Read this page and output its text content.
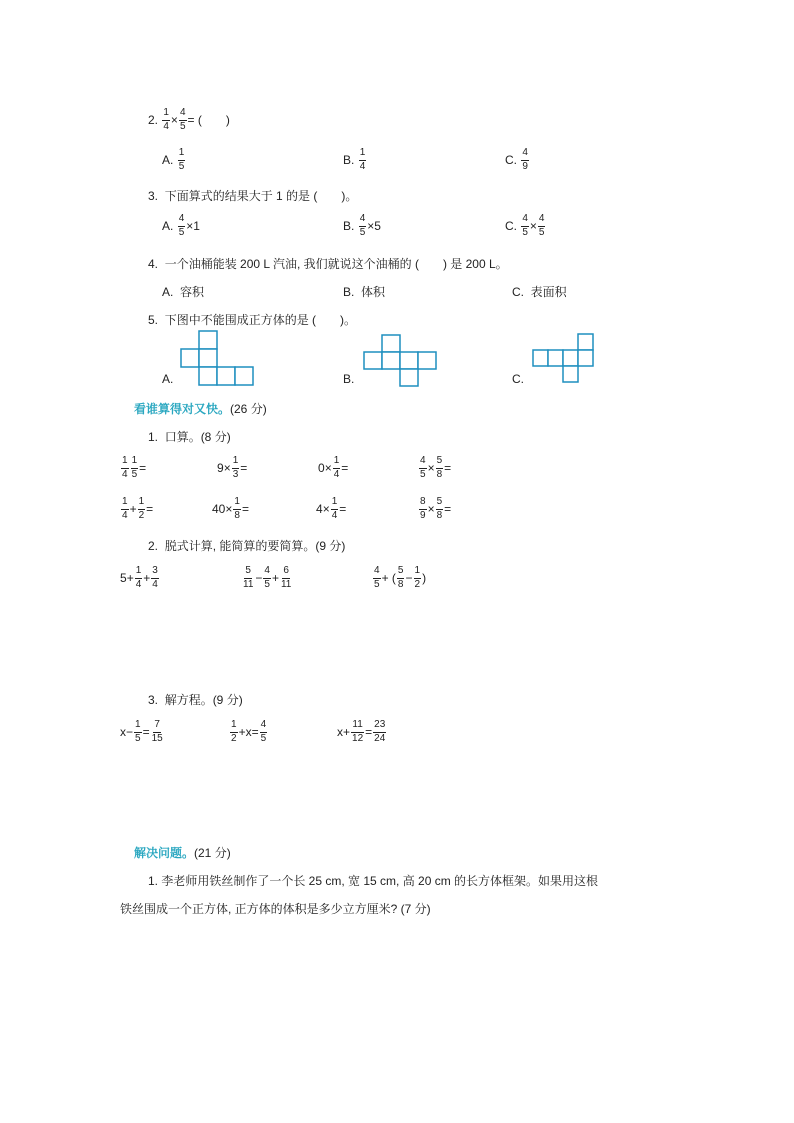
2. $\frac{1}{4} \times \frac{4}{5}$ = (　　)
A. $\frac{1}{5}$	B. $\frac{1}{4}$	C. $\frac{4}{9}$
3. 下面算式的结果大于 1 的是 (　　)。
A. $\frac{4}{5} \times 1$	B. $\frac{4}{5} \times 5$	C. $\frac{4}{5} \times \frac{4}{5}$
4. 一个油桶能装 200 L 汽油, 我们就说这个油桶的 (　　) 是 200 L。
A. 容积	B. 体积	C. 表面积
5. 下图中不能围成正方体的是 (　　)。
A.	B.	C.
看谁算得对又快。(26 分)
1. 口算。(8 分)
$\frac{1}{4} \frac{1}{5}$ =	$9\times \frac{1}{3}$ =	$0\times \frac{1}{4}$ =	$\frac{4}{5} \times \frac{5}{8}$ =
$\frac{1}{4} + \frac{1}{2}$ =	$40\times \frac{1}{8}$ =	$4\times \frac{1}{4}$ =	$\frac{8}{9} \times \frac{5}{8}$ =
2. 脱式计算, 能简算的要简算。(9 分)
$5+ \frac{1}{4} + \frac{3}{4}$	$\frac{5}{11} - \frac{4}{5} + \frac{6}{11}$	$\frac{4}{5}$ + ( $\frac{5}{8} - \frac{1}{2}$ )
3. 解方程。(9 分)
$x- \frac{1}{5} = \frac{7}{15}$	$\frac{1}{2} +x= \frac{4}{5}$	$x+ \frac{11}{12} = \frac{23}{24}$
解决问题。(21 分)
1. 李老师用铁丝制作了一个长 25 cm, 宽 15 cm, 高 20 cm 的长方体框架。如果用这根
铁丝围成一个正方体, 正方体的体积是多少立方厘米? (7 分)
